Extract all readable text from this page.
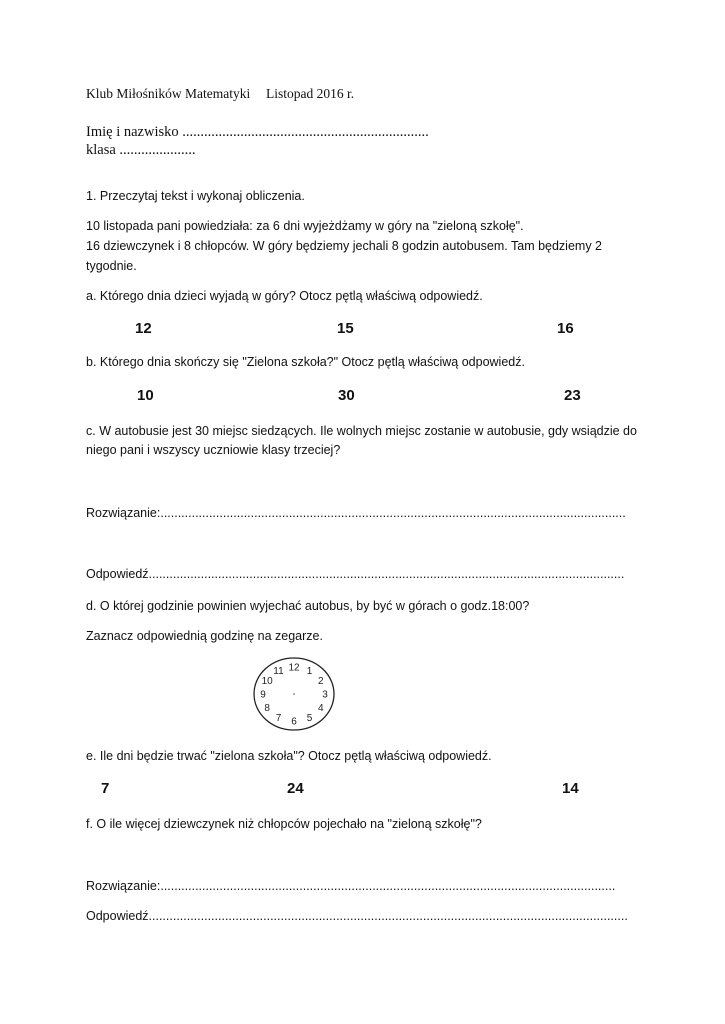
Klub Miłośników Matematyki Listopad 2016 r.
Imię i nazwisko ....................................................................
klasa .....................
1. Przeczytaj tekst i wykonaj obliczenia.
10 listopada pani powiedziała: za 6 dni wyjeżdżamy w góry na "zieloną szkołę".
16 dziewczynek i 8 chłopców. W góry będziemy jechali 8 godzin autobusem. Tam będziemy 2
tygodnie.
a. Którego dnia dzieci wyjadą w góry? Otocz pętlą właściwą odpowiedź.
12	15	16
b. Którego dnia skończy się "Zielona szkoła?" Otocz pętlą właściwą odpowiedź.
10	30	23
c. W autobusie jest 30 miejsc siedzących. Ile wolnych miejsc zostanie w autobusie, gdy wsiądzie do
niego pani i wszyscy uczniowie klasy trzeciej?
Rozwiązanie:......................................................................................................................................
Odpowiedź.........................................................................................................................................
d. O której godzinie powinien wyjechać autobus, by być w górach o godz.18:00?
Zaznacz odpowiednią godzinę na zegarze.
12 1
2
3
4
5
6
7
8
9
10
11
e. Ile dni będzie trwać "zielona szkoła"? Otocz pętlą właściwą odpowiedź.
7	24	14
f. O ile więcej dziewczynek niż chłopców pojechało na "zieloną szkołę"?
Rozwiązanie:...................................................................................................................................
Odpowiedź..........................................................................................................................................
